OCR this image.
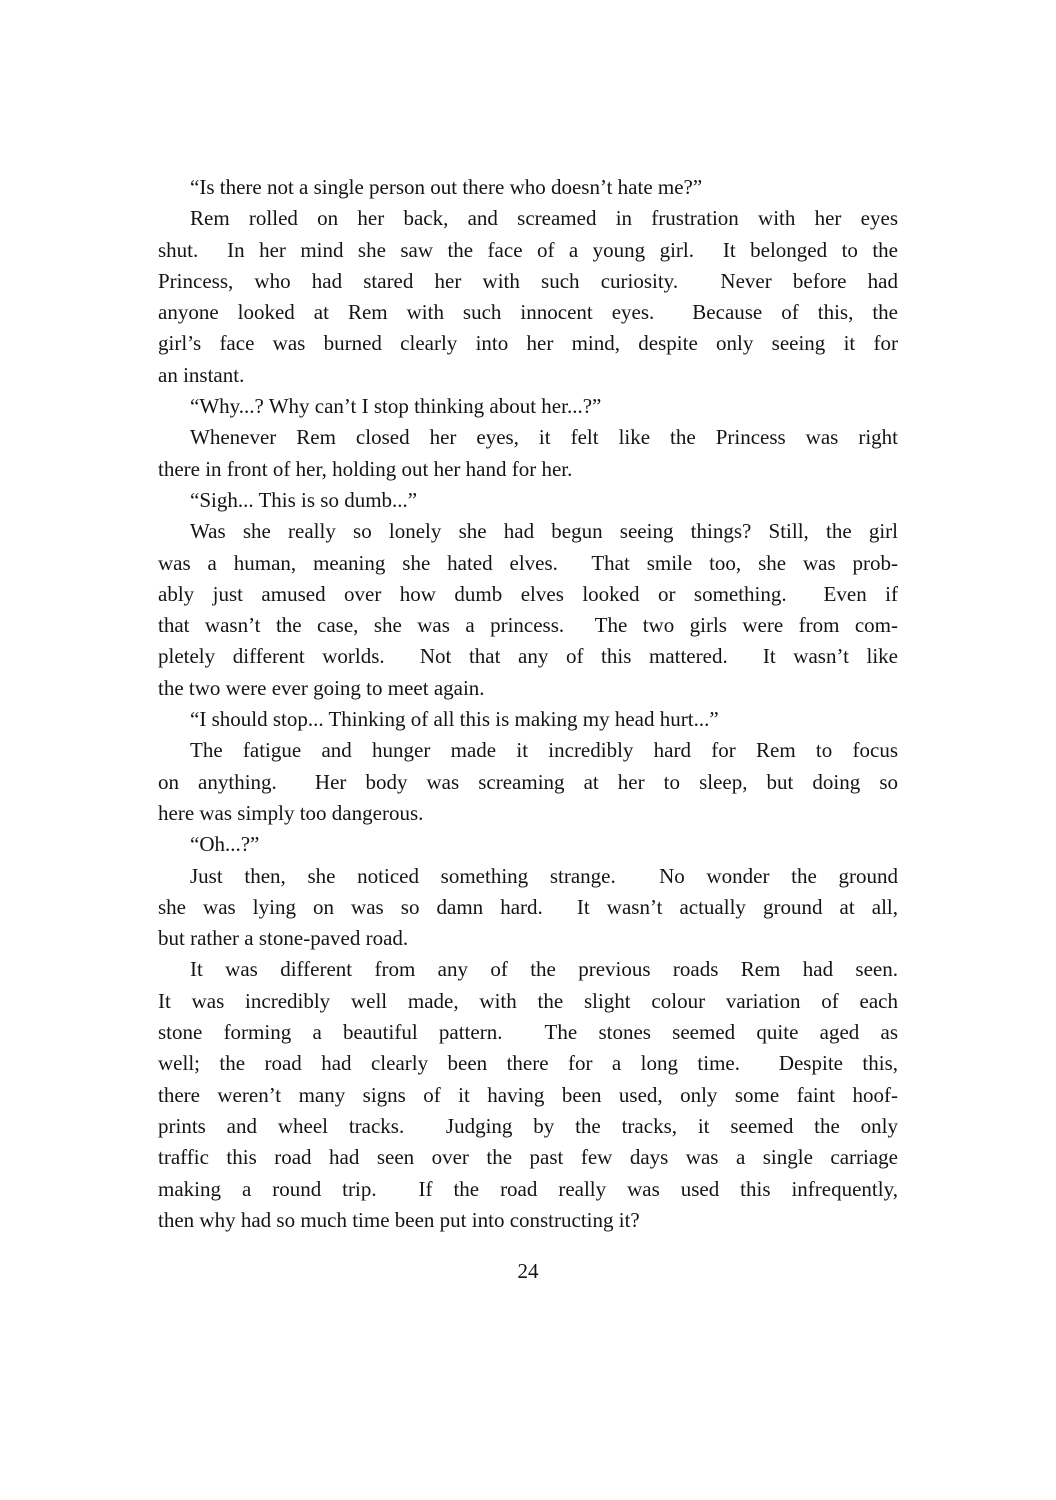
“Is there not a single person out there who doesn’t hate me?”
Rem rolled on her back, and screamed in frustration with her eyes
shut.  In her mind she saw the face of a young girl.  It belonged to the
Princess, who had stared her with such curiosity.  Never before had
anyone looked at Rem with such innocent eyes.  Because of this, the
girl’s face was burned clearly into her mind, despite only seeing it for
an instant.
“Why...? Why can’t I stop thinking about her...?”
Whenever Rem closed her eyes, it felt like the Princess was right
there in front of her, holding out her hand for her.
“Sigh... This is so dumb...”
Was she really so lonely she had begun seeing things? Still, the girl
was a human, meaning she hated elves.  That smile too, she was prob-
ably just amused over how dumb elves looked or something.  Even if
that wasn’t the case, she was a princess.  The two girls were from com-
pletely different worlds.  Not that any of this mattered.  It wasn’t like
the two were ever going to meet again.
“I should stop... Thinking of all this is making my head hurt...”
The fatigue and hunger made it incredibly hard for Rem to focus
on anything.  Her body was screaming at her to sleep, but doing so
here was simply too dangerous.
“Oh...?”
Just then, she noticed something strange.  No wonder the ground
she was lying on was so damn hard.  It wasn’t actually ground at all,
but rather a stone-paved road.
It was different from any of the previous roads Rem had seen.
It was incredibly well made, with the slight colour variation of each
stone forming a beautiful pattern.  The stones seemed quite aged as
well; the road had clearly been there for a long time.  Despite this,
there weren’t many signs of it having been used, only some faint hoof-
prints and wheel tracks.  Judging by the tracks, it seemed the only
traffic this road had seen over the past few days was a single carriage
making a round trip.  If the road really was used this infrequently,
then why had so much time been put into constructing it?
24
